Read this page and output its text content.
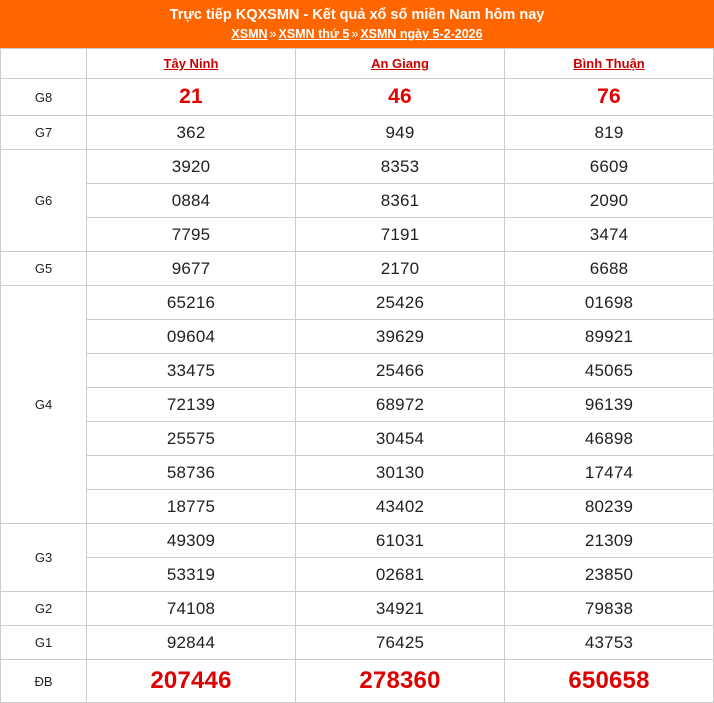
Trực tiếp KQXSMN - Kết quả xổ số miền Nam hôm nay
XSMN » XSMN thứ 5 » XSMN ngày 5-2-2026
	Tây Ninh	An Giang	Bình Thuận
G8	21	46	76
G7	362	949	819
G6	3920	8353	6609
	0884	8361	2090
	7795	7191	3474
G5	9677	2170	6688
G4	65216	25426	01698
	09604	39629	89921
	33475	25466	45065
	72139	68972	96139
	25575	30454	46898
	58736	30130	17474
	18775	43402	80239
G3	49309	61031	21309
	53319	02681	23850
G2	74108	34921	79838
G1	92844	76425	43753
ĐB	207446	278360	650658
